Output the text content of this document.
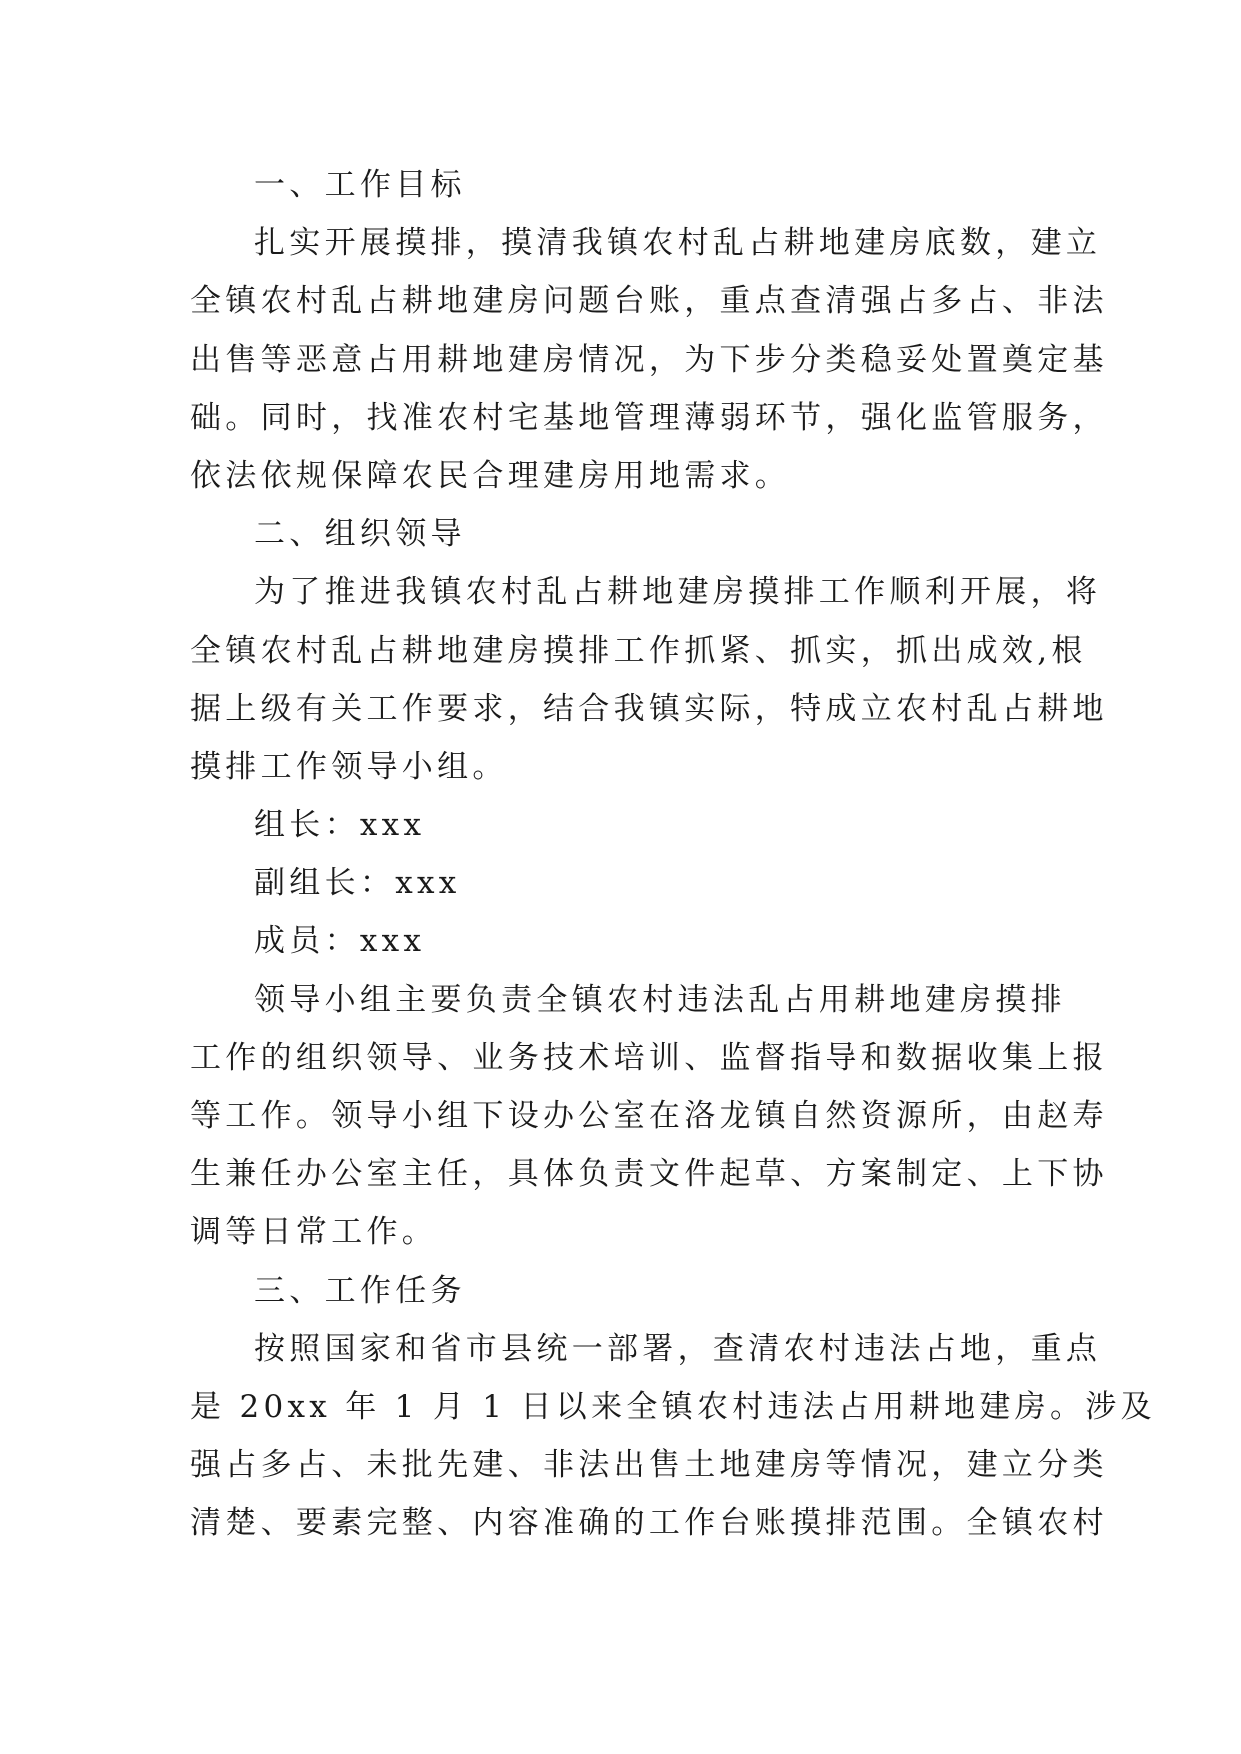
一、工作目标
扎实开展摸排，摸清我镇农村乱占耕地建房底数，建立
全镇农村乱占耕地建房问题台账，重点查清强占多占、非法
出售等恶意占用耕地建房情况，为下步分类稳妥处置奠定基
础。同时，找准农村宅基地管理薄弱环节，强化监管服务，
依法依规保障农民合理建房用地需求。
二、组织领导
为了推进我镇农村乱占耕地建房摸排工作顺利开展，将
全镇农村乱占耕地建房摸排工作抓紧、抓实，抓出成效,根
据上级有关工作要求，结合我镇实际，特成立农村乱占耕地
摸排工作领导小组。
组长：xxx
副组长：xxx
成员：xxx
领导小组主要负责全镇农村违法乱占用耕地建房摸排
工作的组织领导、业务技术培训、监督指导和数据收集上报
等工作。领导小组下设办公室在洛龙镇自然资源所，由赵寿
生兼任办公室主任，具体负责文件起草、方案制定、上下协
调等日常工作。
三、工作任务
按照国家和省市县统一部署，查清农村违法占地，重点
是 20xx 年 1 月 1 日以来全镇农村违法占用耕地建房。涉及
强占多占、未批先建、非法出售土地建房等情况，建立分类
清楚、要素完整、内容准确的工作台账摸排范围。全镇农村
